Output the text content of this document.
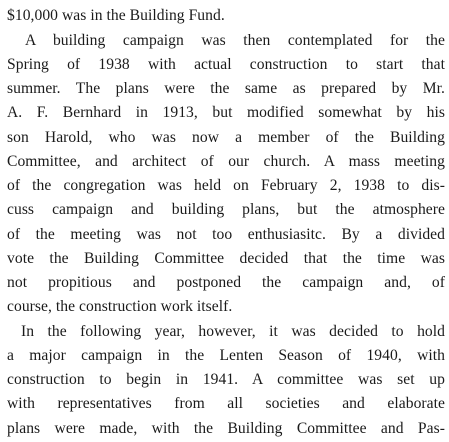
$10,000 was in the Building Fund.
A building campaign was then contemplated for the
Spring of 1938 with actual construction to start that
summer. The plans were the same as prepared by Mr.
A. F. Bernhard in 1913, but modified somewhat by his
son Harold, who was now a member of the Building
Committee, and architect of our church. A mass meeting
of the congregation was held on February 2, 1938 to dis-
cuss campaign and building plans, but the atmosphere
of the meeting was not too enthusiasitc. By a divided
vote the Building Committee decided that the time was
not propitious and postponed the campaign and, of
course, the construction work itself.
In the following year, however, it was decided to hold
a major campaign in the Lenten Season of 1940, with
construction to begin in 1941. A committee was set up
with representatives from all societies and elaborate
plans were made, with the Building Committee and Pas-
